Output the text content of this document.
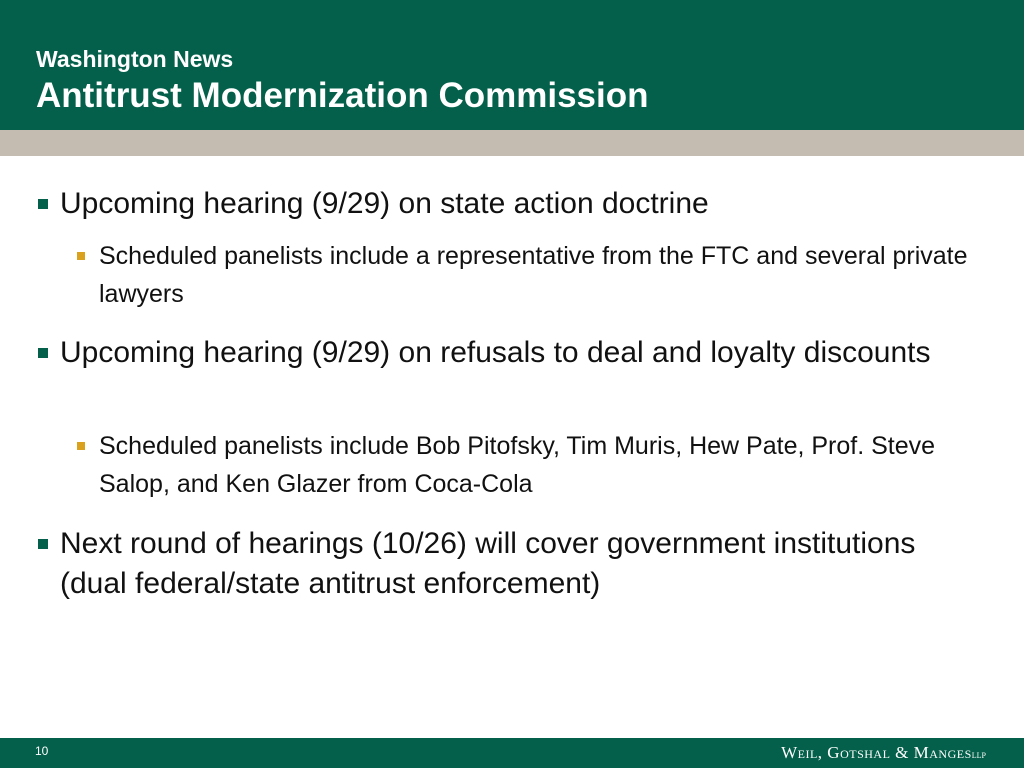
Washington News
Antitrust Modernization Commission
Upcoming hearing (9/29) on state action doctrine
Scheduled panelists include a representative from the FTC and several private lawyers
Upcoming hearing (9/29) on refusals to deal and loyalty discounts
Scheduled panelists include Bob Pitofsky, Tim Muris, Hew Pate, Prof. Steve Salop, and Ken Glazer from Coca-Cola
Next round of hearings (10/26) will cover government institutions (dual federal/state antitrust enforcement)
10	Weil, Gotshal & MangesLLP
